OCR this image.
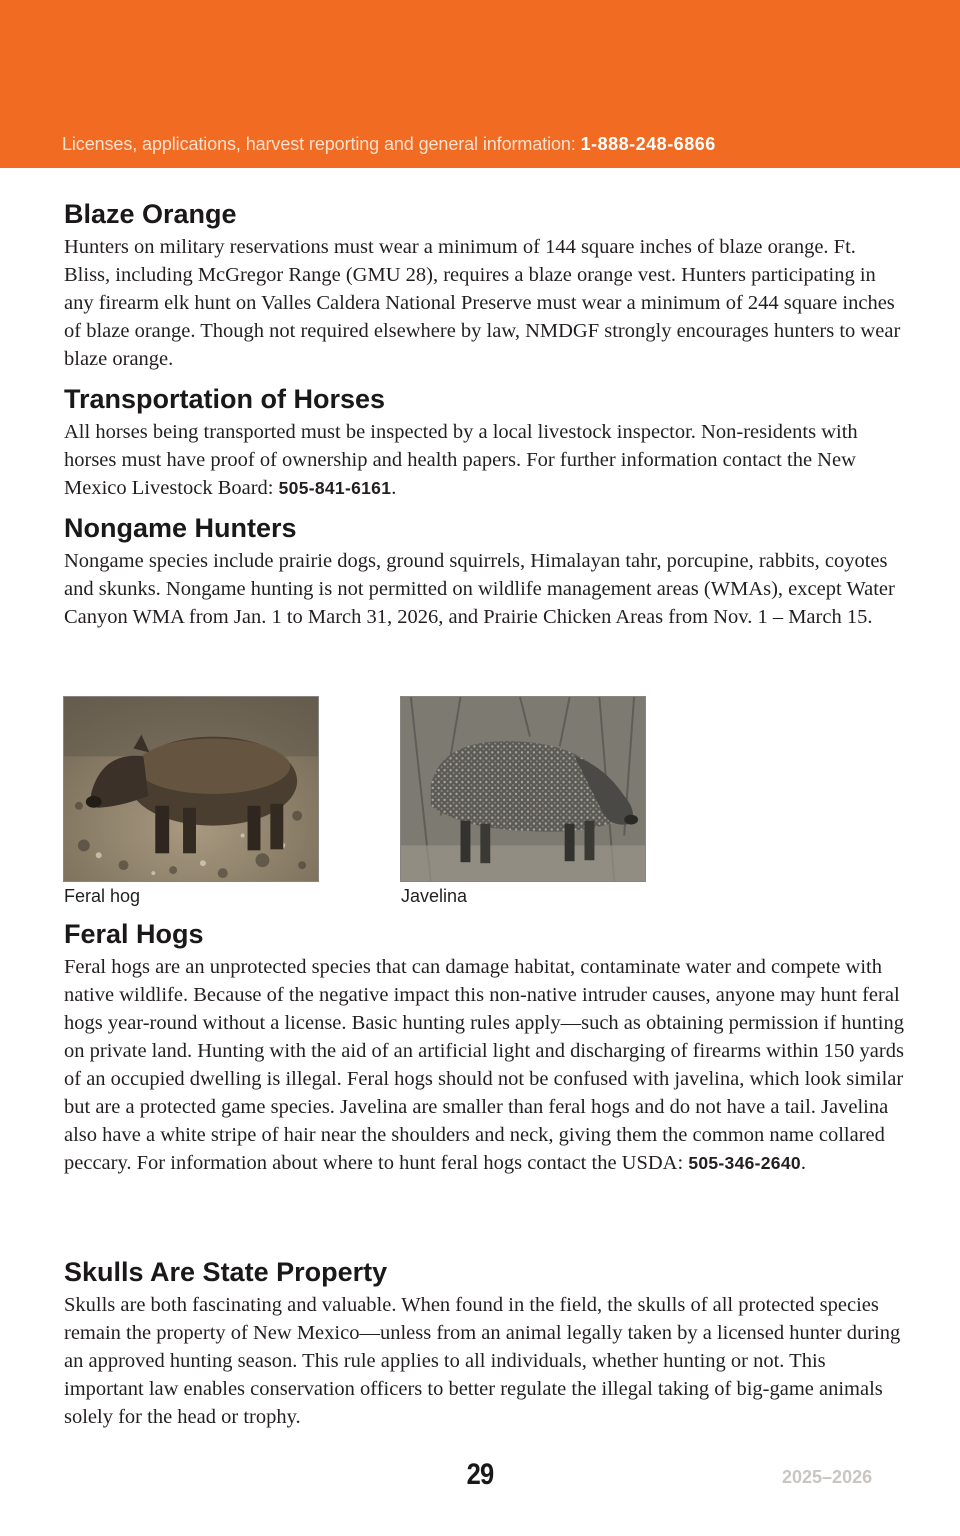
Licenses, applications, harvest reporting and general information: 1-888-248-6866
Blaze Orange

Hunters on military reservations must wear a minimum of 144 square inches of blaze orange. Ft. Bliss, including McGregor Range (GMU 28), requires a blaze orange vest. Hunters participating in any firearm elk hunt on Valles Caldera National Preserve must wear a minimum of 244 square inches of blaze orange. Though not required elsewhere by law, NMDGF strongly encourages hunters to wear blaze orange.

Transportation of Horses

All horses being transported must be inspected by a local livestock inspector. Non-residents with horses must have proof of ownership and health papers. For further information contact the New Mexico Livestock Board: 505-841-6161.

Nongame Hunters

Nongame species include prairie dogs, ground squirrels, Himalayan tahr, porcupine, rabbits, coyotes and skunks. Nongame hunting is not permitted on wildlife management areas (WMAs), except Water Canyon WMA from Jan. 1 to March 31, 2026, and Prairie Chicken Areas from Nov. 1 – March 15.

Feral hog	Javelina
Feral Hogs

Feral hogs are an unprotected species that can damage habitat, contaminate water and compete with native wildlife. Because of the negative impact this non-native intruder causes, anyone may hunt feral hogs year-round without a license. Basic hunting rules apply—such as obtaining permission if hunting on private land. Hunting with the aid of an artificial light and discharging of firearms within 150 yards of an occupied dwelling is illegal. Feral hogs should not be confused with javelina, which look similar but are a protected game species. Javelina are smaller than feral hogs and do not have a tail. Javelina also have a white stripe of hair near the shoulders and neck, giving them the common name collared peccary. For information about where to hunt feral hogs contact the USDA: 505-346-2640.

Skulls Are State Property

Skulls are both fascinating and valuable. When found in the field, the skulls of all protected species remain the property of New Mexico—unless from an animal legally taken by a licensed hunter during an approved hunting season. This rule applies to all individuals, whether hunting or not. This important law enables conservation officers to better regulate the illegal taking of big-game animals solely for the head or trophy.

29	2025–2026
